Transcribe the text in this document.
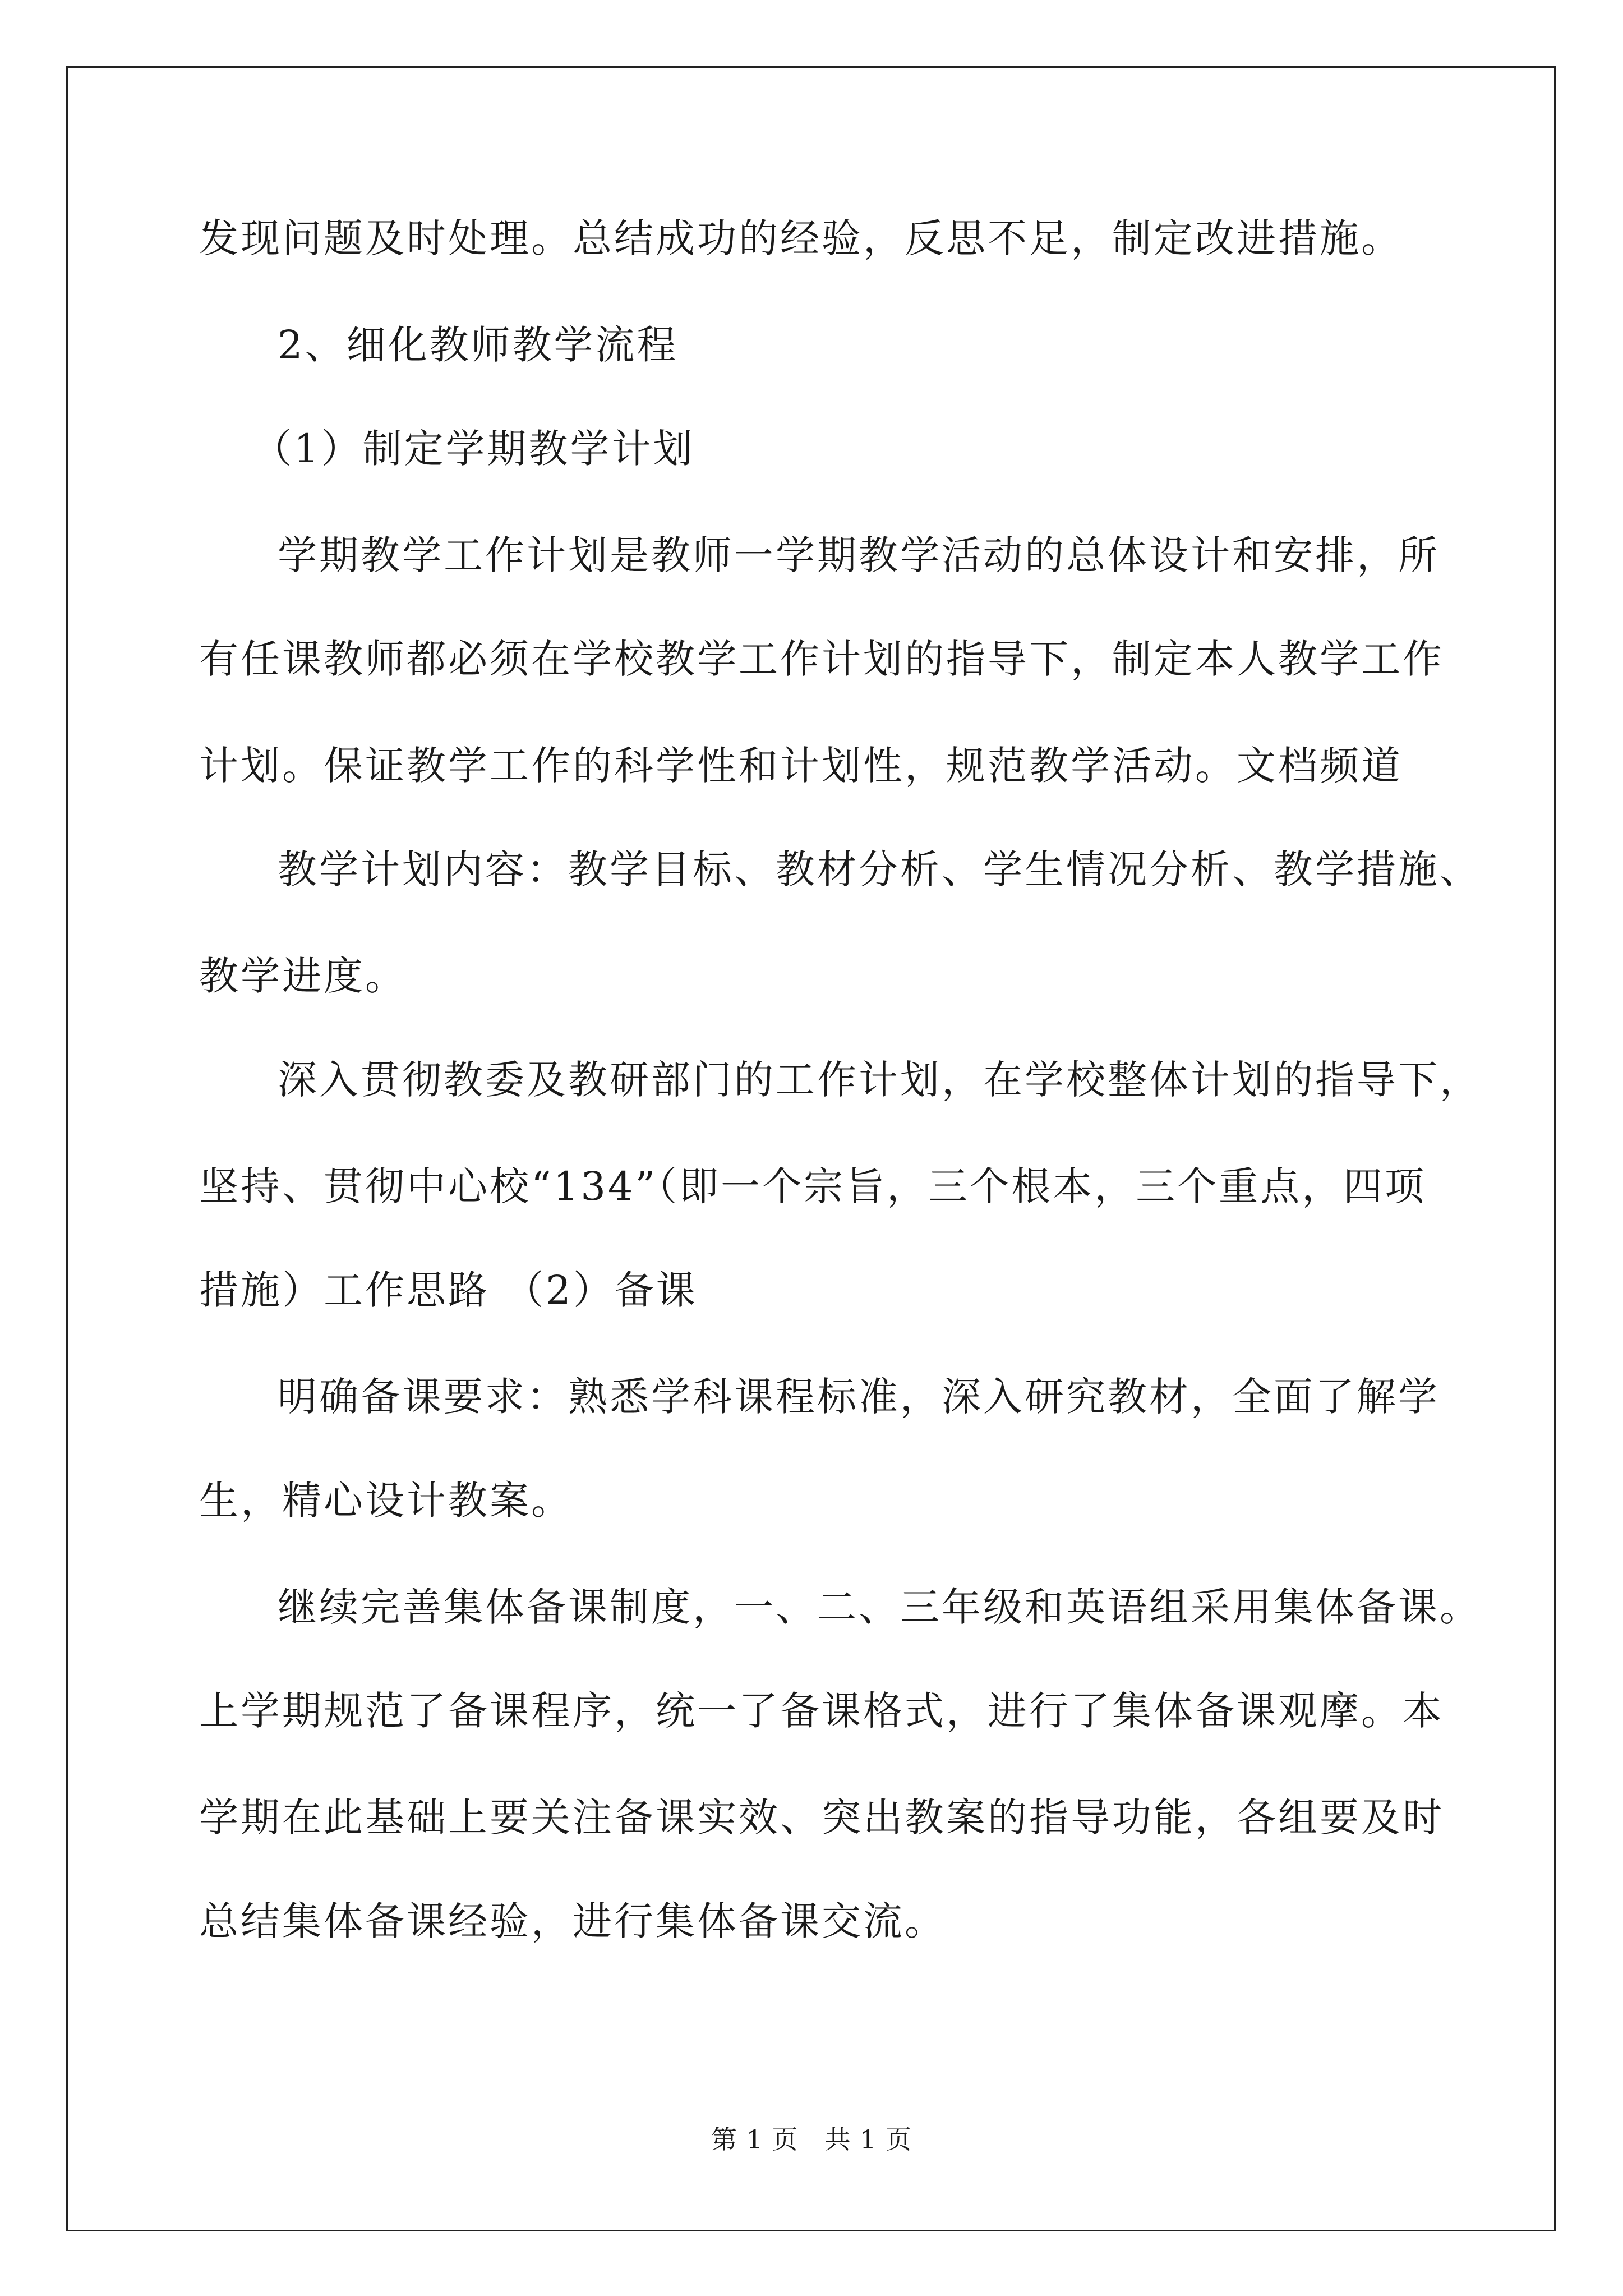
发现问题及时处理。总结成功的经验，反思不足，制定改进措施。
2、细化教师教学流程
（1）制定学期教学计划
学期教学工作计划是教师一学期教学活动的总体设计和安排，所
有任课教师都必须在学校教学工作计划的指导下，制定本人教学工作
计划。保证教学工作的科学性和计划性，规范教学活动。文档频道
教学计划内容：教学目标、教材分析、学生情况分析、教学措施、
教学进度。
深入贯彻教委及教研部门的工作计划，在学校整体计划的指导下，
坚持、贯彻中心校“134”（即一个宗旨，三个根本，三个重点，四项
措施）工作思路 （2）备课
明确备课要求：熟悉学科课程标准，深入研究教材，全面了解学
生，精心设计教案。
继续完善集体备课制度，一、二、三年级和英语组采用集体备课。
上学期规范了备课程序，统一了备课格式，进行了集体备课观摩。本
学期在此基础上要关注备课实效、突出教案的指导功能，各组要及时
总结集体备课经验，进行集体备课交流。
第 1 页　共 1 页
